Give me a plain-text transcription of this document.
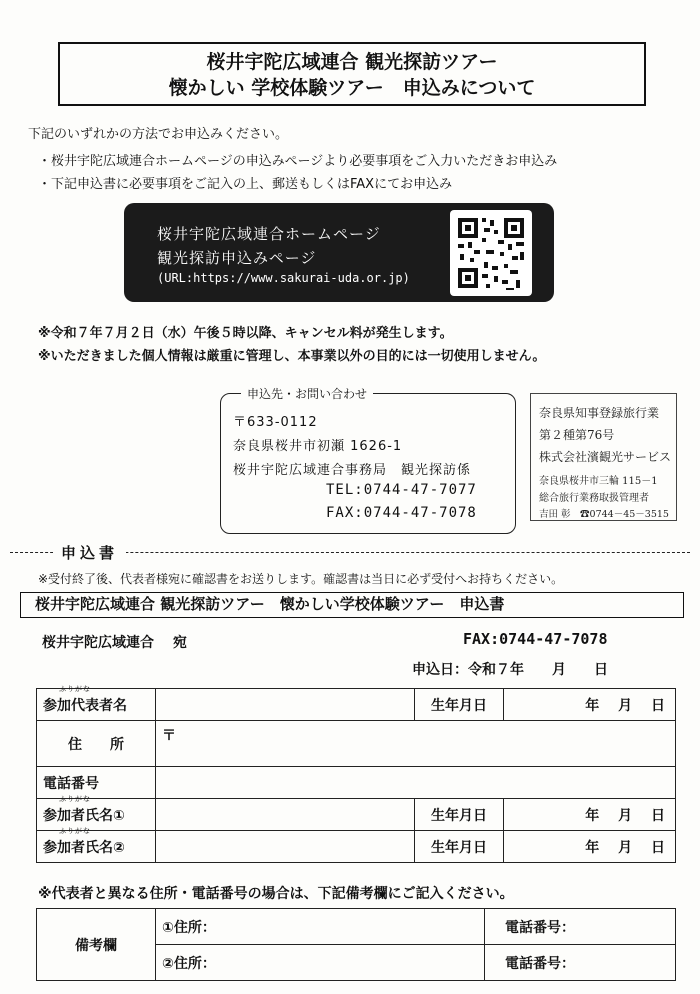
桜井宇陀広域連合 観光探訪ツアー
懐かしい 学校体験ツアー　申込みについて
下記のいずれかの方法でお申込みください。
・桜井宇陀広域連合ホームページの申込みページより必要事項をご入力いただきお申込み
・下記申込書に必要事項をご記入の上、郵送もしくはFAXにてお申込み
桜井宇陀広域連合ホームページ
観光探訪申込みページ
(URL:https://www.sakurai-uda.or.jp)
※令和７年７月２日（水）午後５時以降、キャンセル料が発生します。
※いただきました個人情報は厳重に管理し、本事業以外の目的には一切使用しません。
申込先・お問い合わせ
〒633-0112
奈良県桜井市初瀬 1626-1
桜井宇陀広域連合事務局　観光探訪係
TEL:0744-47-7077
FAX:0744-47-7078
奈良県知事登録旅行業
第２種第76号
株式会社濱観光サービス
奈良県桜井市三輪 115－1
総合旅行業務取扱管理者
吉田 彰　☎0744－45－3515
申込書
※受付終了後、代表者様宛に確認書をお送りします。確認書は当日に必ず受付へお持ちください。
桜井宇陀広域連合 観光探訪ツアー　懐かしい学校体験ツアー　申込書
桜井宇陀広域連合　 宛	FAX:0744-47-7078
申込日：令和７年　　月　　日
ふりがな
参加代表者名		生年月日	年　 月　 日
住　　所	〒		
電話番号			

ふりがな
参加者氏名①		生年月日	年　 月　 日

ふりがな
参加者氏名②		生年月日	年　 月　 日
※代表者と異なる住所・電話番号の場合は、下記備考欄にご記入ください。
備考欄	①住所：	電話番号：
	②住所：	電話番号：
